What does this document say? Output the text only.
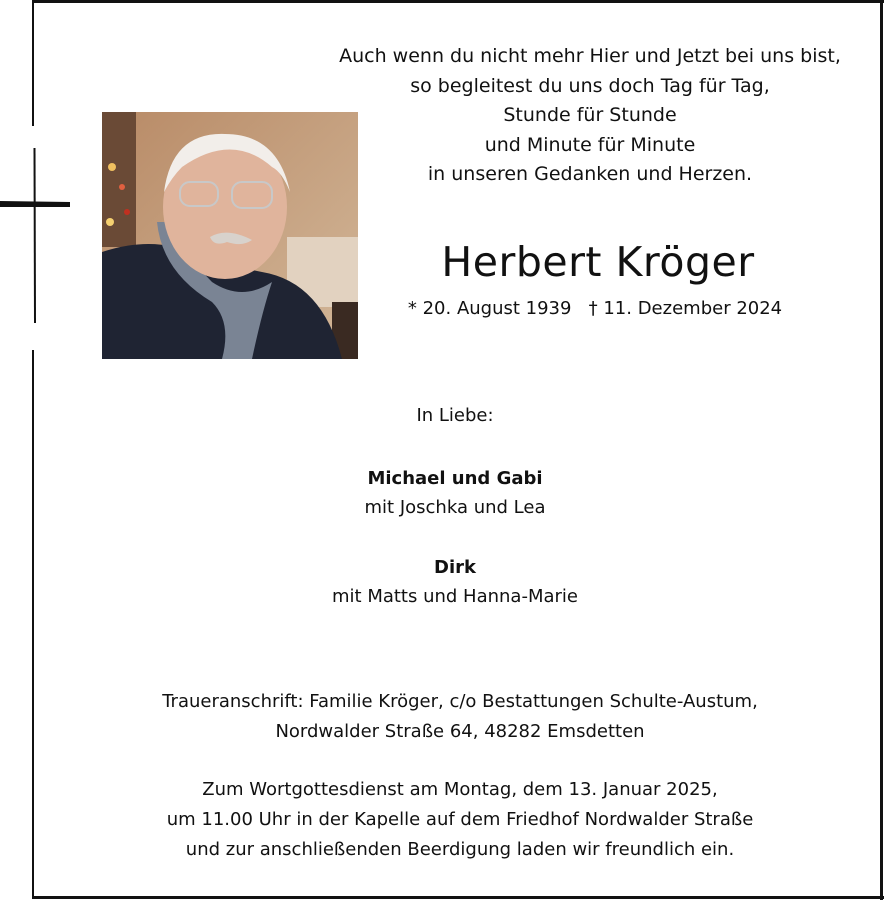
Auch wenn du nicht mehr Hier und Jetzt bei uns bist,
so begleitest du uns doch Tag für Tag,
Stunde für Stunde
und Minute für Minute
in unseren Gedanken und Herzen.
Herbert Kröger
* 20. August 1939   † 11. Dezember 2024
In Liebe:
Michael und Gabi
mit Joschka und Lea
Dirk
mit Matts und Hanna-Marie
Traueranschrift: Familie Kröger, c/o Bestattungen Schulte-Austum,
Nordwalder Straße 64, 48282 Emsdetten
Zum Wortgottesdienst am Montag, dem 13. Januar 2025,
um 11.00 Uhr in der Kapelle auf dem Friedhof Nordwalder Straße
und zur anschließenden Beerdigung laden wir freundlich ein.
